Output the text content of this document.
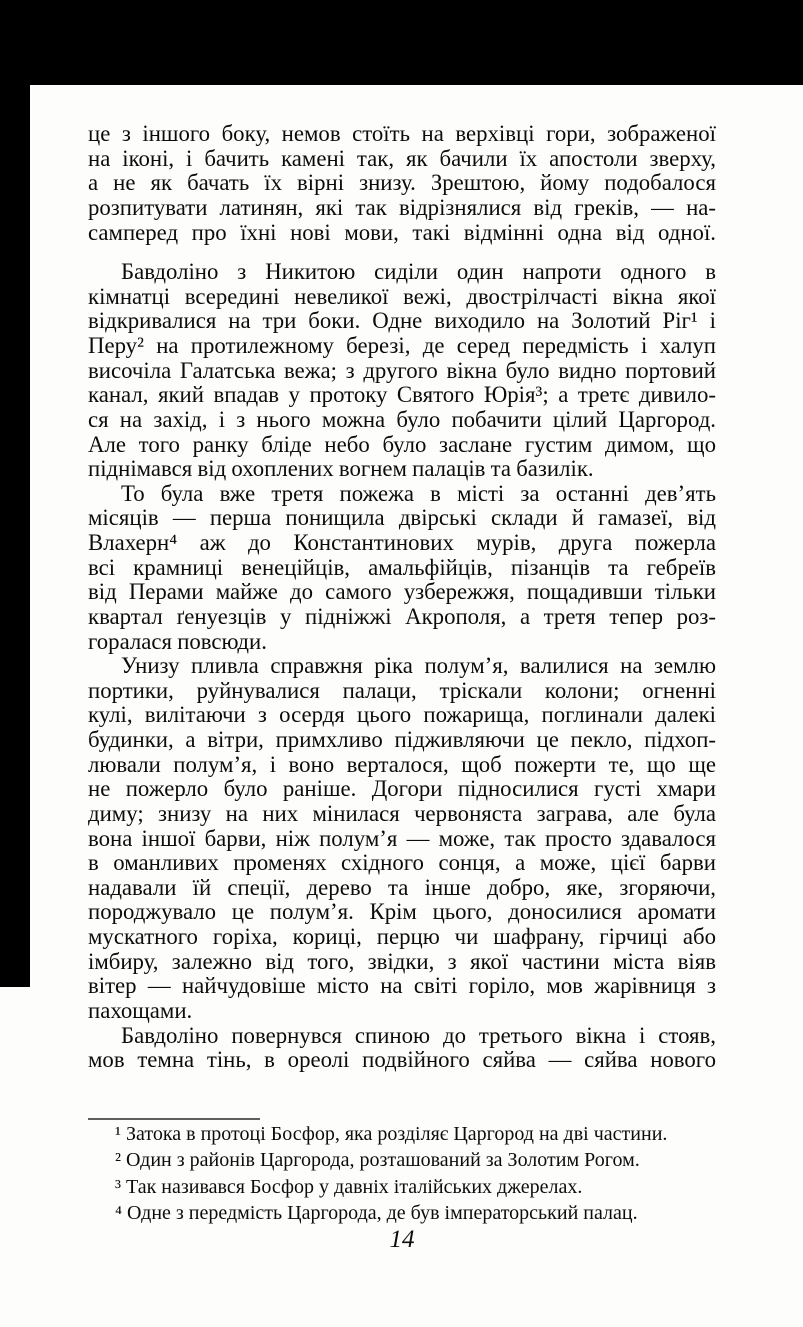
це з іншого боку, немов стоїть на верхівці гори, зображеної
на іконі, і бачить камені так, як бачили їх апостоли зверху,
а не як бачать їх вірні знизу. Зрештою, йому подобалося
розпитувати латинян, які так відрізнялися від греків, — на-
самперед про їхні нові мови, такі відмінні одна від одної.
Бавдоліно з Никитою сиділи один напроти одного в
кімнатці всередині невеликої вежі, двострілчасті вікна якої
відкривалися на три боки. Одне виходило на Золотий Ріг¹ і
Перу² на протилежному березі, де серед передмість і халуп
височіла Галатська вежа; з другого вікна було видно портовий
канал, який впадав у протоку Святого Юрія³; а третє дивило-
ся на захід, і з нього можна було побачити цілий Царгород.
Але того ранку бліде небо було заслане густим димом, що
піднімався від охоплених вогнем палаців та базилік.
То була вже третя пожежа в місті за останні дев’ять
місяців — перша понищила двірські склади й гамазеї, від
Влахерн⁴ аж до Константинових мурів, друга пожерла
всі крамниці венеційців, амальфійців, пізанців та гебреїв
від Перами майже до самого узбережжя, пощадивши тільки
квартал ґенуезців у підніжжі Акрополя, а третя тепер роз-
горалася повсюди.
Унизу пливла справжня ріка полум’я, валилися на землю
портики, руйнувалися палаци, тріскали колони; огненні
кулі, вилітаючи з осердя цього пожарища, поглинали далекі
будинки, а вітри, примхливо підживляючи це пекло, підхоп-
лювали полум’я, і воно верталося, щоб пожерти те, що ще
не пожерло було раніше. Догори підносилися густі хмари
диму; знизу на них мінилася червоняста заграва, але була
вона іншої барви, ніж полум’я — може, так просто здавалося
в оманливих променях східного сонця, а може, цієї барви
надавали їй спеції, дерево та інше добро, яке, згоряючи,
породжувало це полум’я. Крім цього, доносилися аромати
мускатного горіха, кориці, перцю чи шафрану, гірчиці або
імбиру, залежно від того, звідки, з якої частини міста віяв
вітер — найчудовіше місто на світі горіло, мов жарівниця з
пахощами.
Бавдоліно повернувся спиною до третього вікна і стояв,
мов темна тінь, в ореолі подвійного сяйва — сяйва нового
¹ Затока в протоці Босфор, яка розділяє Царгород на дві частини.
² Один з районів Царгорода, розташований за Золотим Рогом.
³ Так називався Босфор у давніх італійських джерелах.
⁴ Одне з передмість Царгорода, де був імператорський палац.
14
